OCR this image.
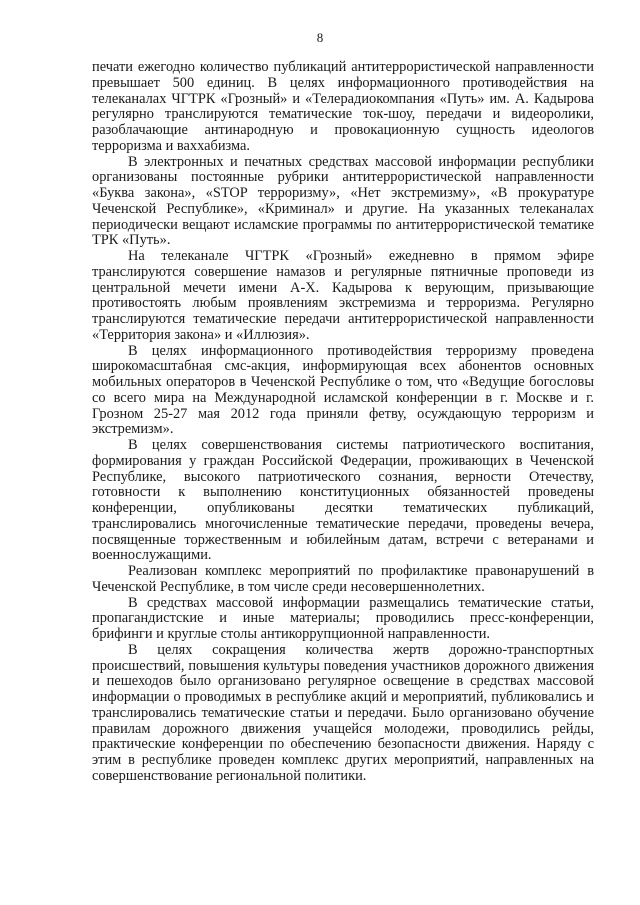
8

печати ежегодно количество публикаций антитеррористической направленности превышает 500 единиц. В целях информационного противодействия на телеканалах ЧГТРК «Грозный» и «Телерадиокомпания «Путь» им. А. Кадырова регулярно транслируются тематические ток-шоу, передачи и видеоролики, разоблачающие антинародную и провокационную сущность идеологов терроризма и ваххабизма.

В электронных и печатных средствах массовой информации республики организованы постоянные рубрики антитеррористической направленности «Буква закона», «STOP терроризму», «Нет экстремизму», «В прокуратуре Чеченской Республике», «Криминал» и другие. На указанных телеканалах периодически вещают исламские программы по антитеррористической тематике ТРК «Путь».

На телеканале ЧГТРК «Грозный» ежедневно в прямом эфире транслируются совершение намазов и регулярные пятничные проповеди из центральной мечети имени А-Х. Кадырова к верующим, призывающие противостоять любым проявлениям экстремизма и терроризма. Регулярно транслируются тематические передачи антитеррористической направленности «Территория закона» и «Иллюзия».

В целях информационного противодействия терроризму проведена широкомасштабная смс-акция, информирующая всех абонентов основных мобильных операторов в Чеченской Республике о том, что «Ведущие богословы со всего мира на Международной исламской конференции в г. Москве и г. Грозном 25-27 мая 2012 года приняли фетву, осуждающую терроризм и экстремизм».

В целях совершенствования системы патриотического воспитания, формирования у граждан Российской Федерации, проживающих в Чеченской Республике, высокого патриотического сознания, верности Отечеству, готовности к выполнению конституционных обязанностей проведены конференции, опубликованы десятки тематических публикаций, транслировались многочисленные тематические передачи, проведены вечера, посвященные торжественным и юбилейным датам, встречи с ветеранами и военнослужащими.

Реализован комплекс мероприятий по профилактике правонарушений в Чеченской Республике, в том числе среди несовершеннолетних.

В средствах массовой информации размещались тематические статьи, пропагандистские и иные материалы; проводились пресс-конференции, брифинги и круглые столы антикоррупционной направленности.

В целях сокращения количества жертв дорожно-транспортных происшествий, повышения культуры поведения участников дорожного движения и пешеходов было организовано регулярное освещение в средствах массовой информации о проводимых в республике акций и мероприятий, публиковались и транслировались тематические статьи и передачи. Было организовано обучение правилам дорожного движения учащейся молодежи, проводились рейды, практические конференции по обеспечению безопасности движения. Наряду с этим в республике проведен комплекс других мероприятий, направленных на совершенствование региональной политики.
